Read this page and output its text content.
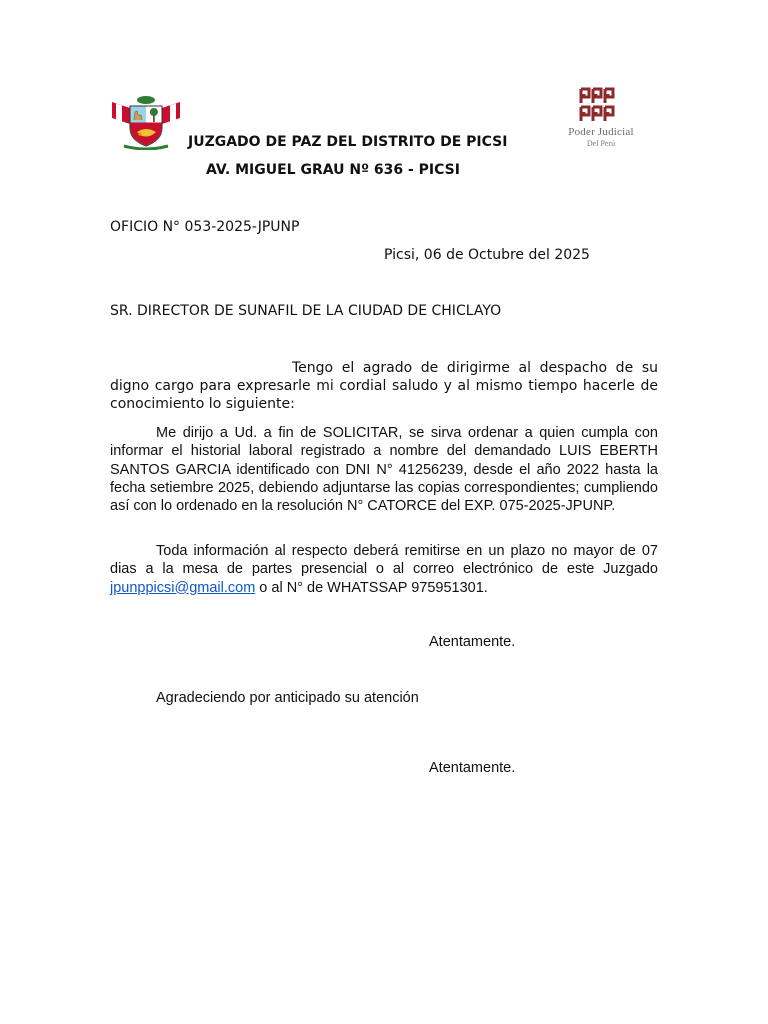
Poder Judicial
Del Perú
JUZGADO DE PAZ DEL DISTRITO DE PICSI
AV. MIGUEL GRAU Nº 636 - PICSI
OFICIO N° 053-2025-JPUNP
Picsi, 06 de Octubre del 2025
SR. DIRECTOR DE SUNAFIL DE LA CIUDAD DE CHICLAYO
Tengo el agrado de dirigirme al despacho de su digno cargo para expresarle mi cordial saludo y al mismo tiempo hacerle de conocimiento lo siguiente:
Me dirijo a Ud. a fin de SOLICITAR, se sirva ordenar a quien cumpla con informar el historial laboral registrado a nombre del demandado LUIS EBERTH SANTOS GARCIA identificado con DNI N° 41256239, desde el año 2022 hasta la fecha setiembre 2025, debiendo adjuntarse las copias correspondientes; cumpliendo así con lo ordenado en la resolución N° CATORCE del EXP. 075-2025-JPUNP.
Toda información al respecto deberá remitirse en un plazo no mayor de 07 dias a la mesa de partes presencial o al correo electrónico de este Juzgado jpunppicsi@gmail.com o al N° de WHATSSAP 975951301.
Atentamente.
Agradeciendo por anticipado su atención
Atentamente.
